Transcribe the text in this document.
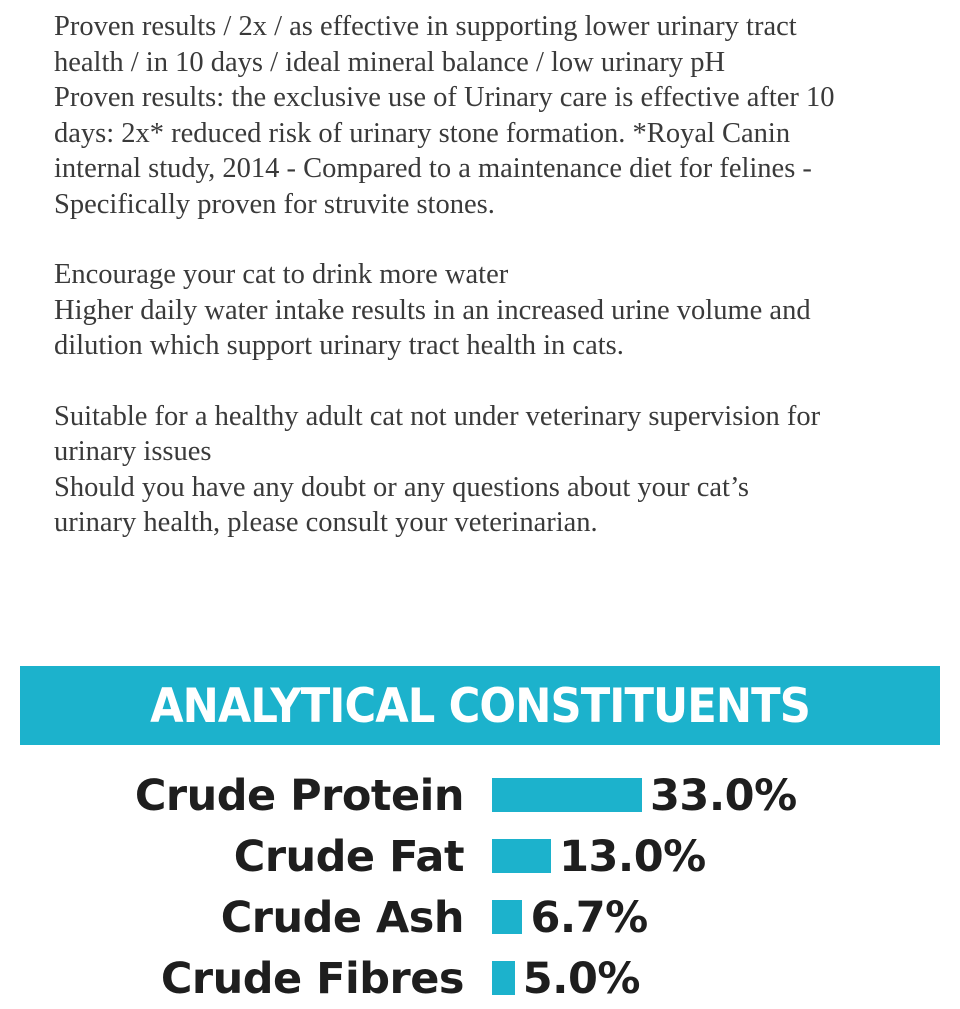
Proven results / 2x / as effective in supporting lower urinary tract

health / in 10 days / ideal mineral balance / low urinary pH

Proven results: the exclusive use of Urinary care is effective after 10

days: 2x* reduced risk of urinary stone formation. *Royal Canin

internal study, 2014 - Compared to a maintenance diet for felines -

Specifically proven for struvite stones.

Encourage your cat to drink more water

Higher daily water intake results in an increased urine volume and

dilution which support urinary tract health in cats.

Suitable for a healthy adult cat not under veterinary supervision for

urinary issues

Should you have any doubt or any questions about your cat’s

urinary health, please consult your veterinarian.

ANALYTICAL CONSTITUENTS
Crude Protein	33.0%
Crude Fat 13.0%
Crude Ash 6.7%
Crude Fibres 5.0%
